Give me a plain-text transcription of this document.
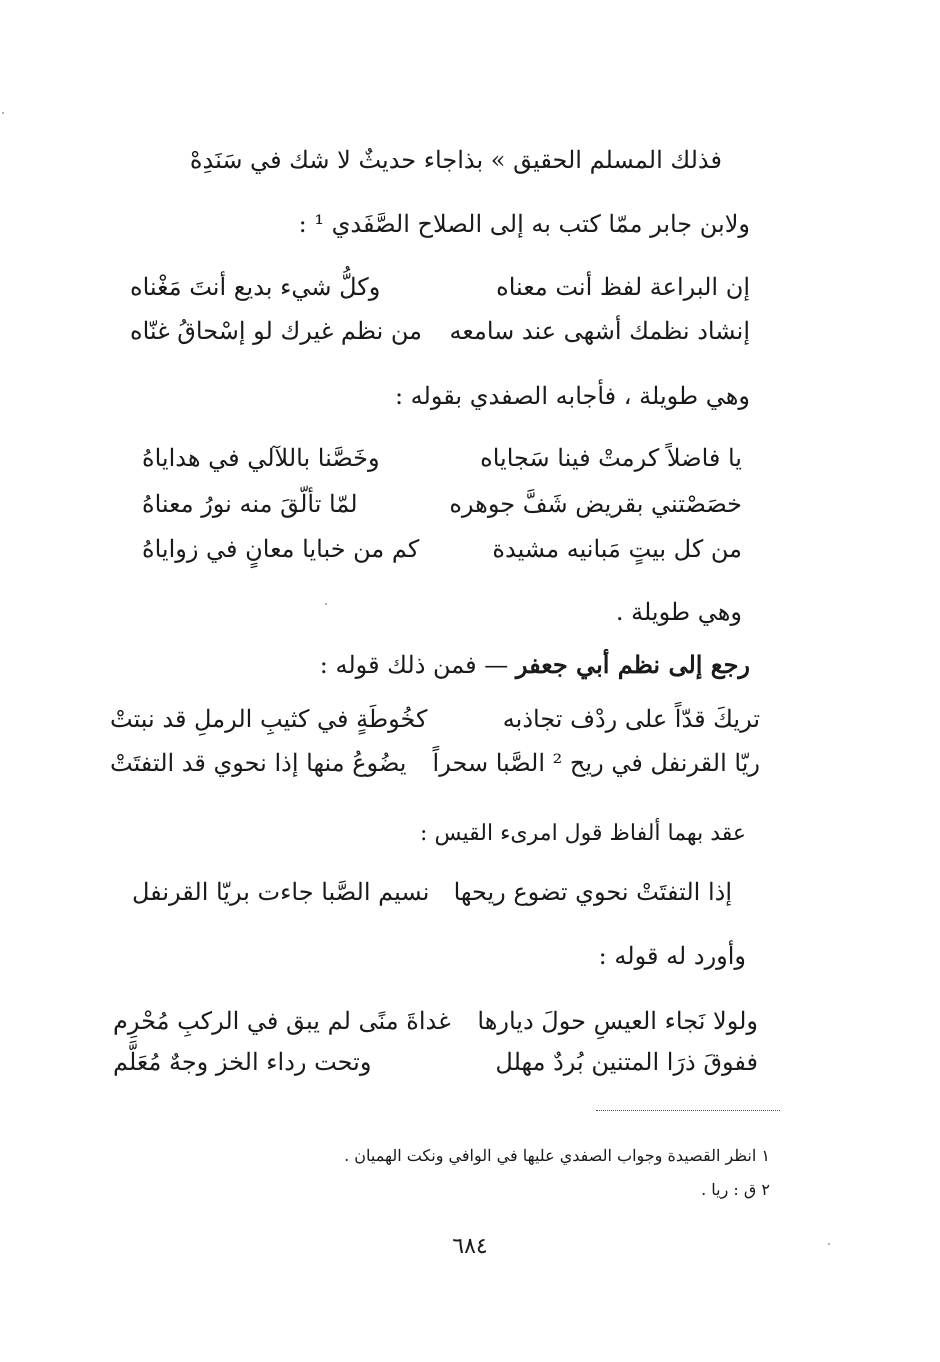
فذلك المسلم الحقيق » بذا
جاء حديثٌ لا شك في سَنَدِهْ
ولابن جابر ممّا كتب به إلى الصلاح الصَّفَدي ¹ :
إن البراعة لفظ أنت معناه
وكلُّ شيء بديع أنتَ مَغْناه
إنشاد نظمك أشهى عند سامعه
من نظم غيرك لو إسْحاقُ غنّاه
وهي طويلة ، فأجابه الصفدي بقوله :
يا فاضلاً كرمتْ فينا سَجاياه
وخَصَّنا باللآلي في هداياهُ
خصَصْتني بقريض شَفَّ جوهره
لمّا تألّقَ منه نورُ معناهُ
من كل بيتٍ مَبانيه مشيدة
كم من خبايا معانٍ في زواياهُ
وهي طويلة .
رجع إلى نظم أبي جعفر — فمن ذلك قوله :
تريكَ قدّاً على ردْف تجاذبه
كخُوطَةٍ في كثيبِ الرملِ قد نبتتْ
ريّا القرنفل في ريح ² الصَّبا سحراً
يضُوعُ منها إذا نحوي قد التفتَتْ
عقد بهما ألفاظ قول امرىء القيس :
إذا التفتَتْ نحوي تضوع ريحها
نسيم الصَّبا جاءت بريّا القرنفل
وأورد له قوله :
ولولا نَجاء العيسِ حولَ ديارها
غداةَ منًى لم يبق في الركبِ مُحْرِم
ففوقَ ذرَا المتنين بُردٌ مهلل
وتحت رداء الخز وجهٌ مُعَلَّم
١ انظر القصيدة وجواب الصفدي عليها في الوافي ونكت الهميان .
٢ ق : ريا .
٦٨٤
